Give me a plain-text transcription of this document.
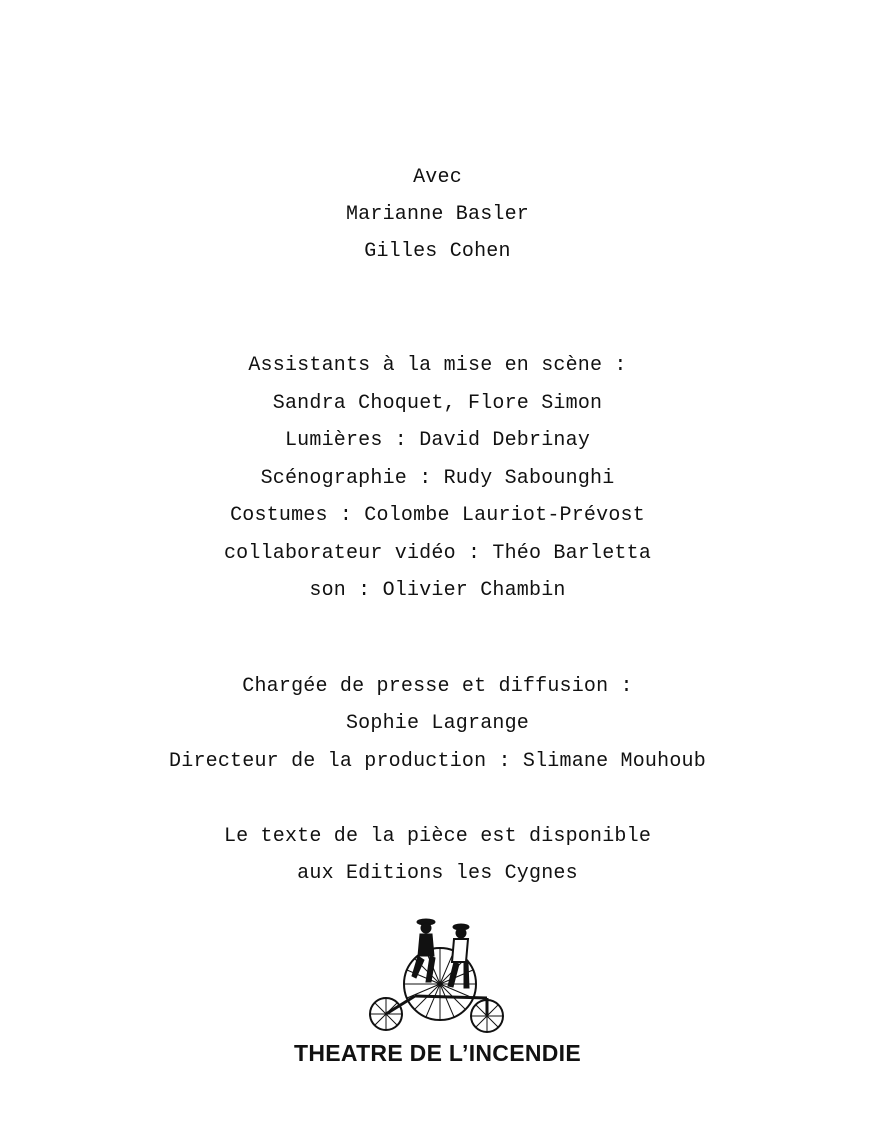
Avec
Marianne Basler
Gilles Cohen
Assistants à la mise en scène :
Sandra Choquet, Flore Simon
Lumières : David Debrinay
Scénographie : Rudy Sabounghi
Costumes : Colombe Lauriot-Prévost
collaborateur vidéo : Théo Barletta
son : Olivier Chambin
Chargée de presse et diffusion :
Sophie Lagrange
Directeur de la production : Slimane Mouhoub
Le texte de la pièce est disponible
aux Editions les Cygnes
THEATRE DE L’INCENDIE
